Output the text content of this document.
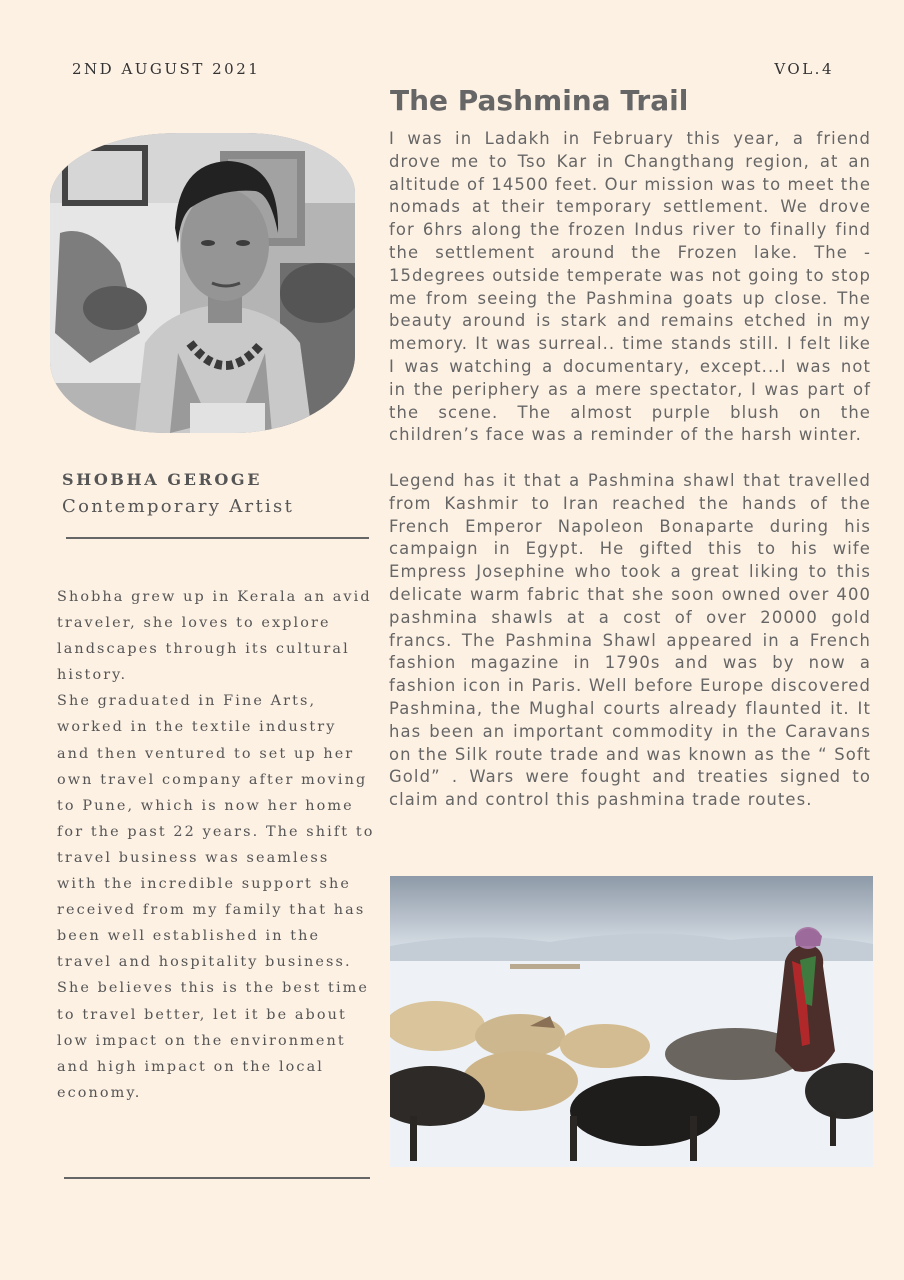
2ND AUGUST 2021	VOL.4
The Pashmina Trail
SHOBHA GEROGE
Contemporary Artist

Shobha grew up in Kerala an avid traveler, she loves to explore landscapes through its cultural history.

She graduated in Fine Arts, worked in the textile industry and then ventured to set up her own travel company after moving to Pune, which is now her home for the past 22 years. The shift to travel business was seamless with the incredible support she received from my family that has been well established in the travel and hospitality business. She believes this is the best time to travel better, let it be about low impact on the environment and high impact on the local economy.

I was in Ladakh in February this year, a friend drove me to Tso Kar in Changthang region, at an altitude of 14500 feet. Our mission was to meet the nomads at their temporary settlement. We drove for 6hrs along the frozen Indus river to finally find the settlement around the Frozen lake. The - 15degrees outside temperate was not going to stop me from seeing the Pashmina goats up close. The beauty around is stark and remains etched in my memory. It was surreal.. time stands still. I felt like I was watching a documentary, except...I was not in the periphery as a mere spectator, I was part of the scene. The almost purple blush on the children’s face was a reminder of the harsh winter.

Legend has it that a Pashmina shawl that travelled from Kashmir to Iran reached the hands of the French Emperor Napoleon Bonaparte during his campaign in Egypt. He gifted this to his wife Empress Josephine who took a great liking to this delicate warm fabric that she soon owned over 400 pashmina shawls at a cost of over 20000 gold francs. The Pashmina Shawl appeared in a French fashion magazine in 1790s and was by now a fashion icon in Paris. Well before Europe discovered Pashmina, the Mughal courts already flaunted it. It has been an important commodity in the Caravans on the Silk route trade and was known as the “ Soft Gold” . Wars were fought and treaties signed to claim and control this pashmina trade routes.
